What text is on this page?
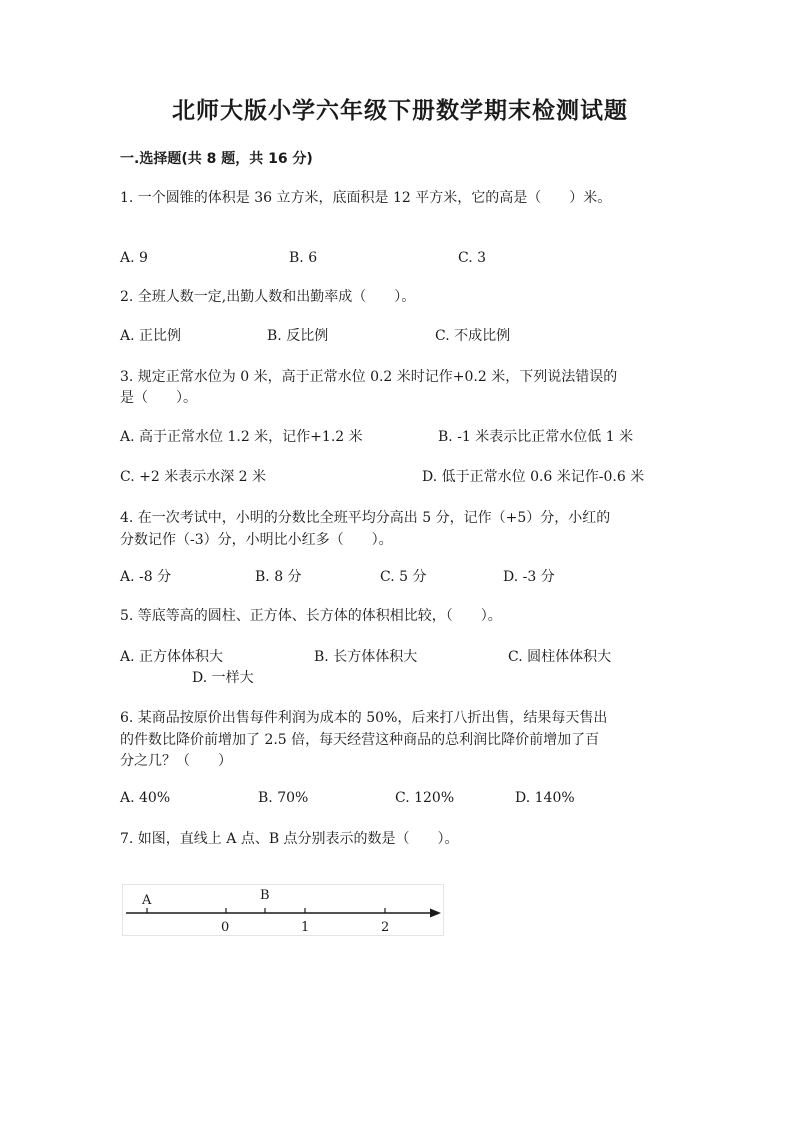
北师大版小学六年级下册数学期末检测试题
一.选择题(共 8 题，共 16 分)
1. 一个圆锥的体积是 36 立方米，底面积是 12 平方米，它的高是（　　）米。
A. 9	B. 6	C. 3
2. 全班人数一定,出勤人数和出勤率成（　　）。
A. 正比例	B. 反比例	C. 不成比例
3. 规定正常水位为 0 米，高于正常水位 0.2 米时记作+0.2 米，下列说法错误的
是（　　）。
A. 高于正常水位 1.2 米，记作+1.2 米	B. -1 米表示比正常水位低 1 米
C. +2 米表示水深 2 米	D. 低于正常水位 0.6 米记作-0.6 米
4. 在一次考试中，小明的分数比全班平均分高出 5 分，记作（+5）分，小红的
分数记作（-3）分，小明比小红多（　　）。
A. -8 分	B. 8 分	C. 5 分	D. -3 分
5. 等底等高的圆柱、正方体、长方体的体积相比较，（　　）。
A. 正方体体积大	B. 长方体体积大	C. 圆柱体体积大
D. 一样大
6. 某商品按原价出售每件利润为成本的 50%，后来打八折出售，结果每天售出
的件数比降价前增加了 2.5 倍，每天经营这种商品的总利润比降价前增加了百
分之几？（　　）
A. 40%	B. 70%	C. 120%	D. 140%
7. 如图，直线上 A 点、B 点分别表示的数是（　　）。
A	B
0	1	2
